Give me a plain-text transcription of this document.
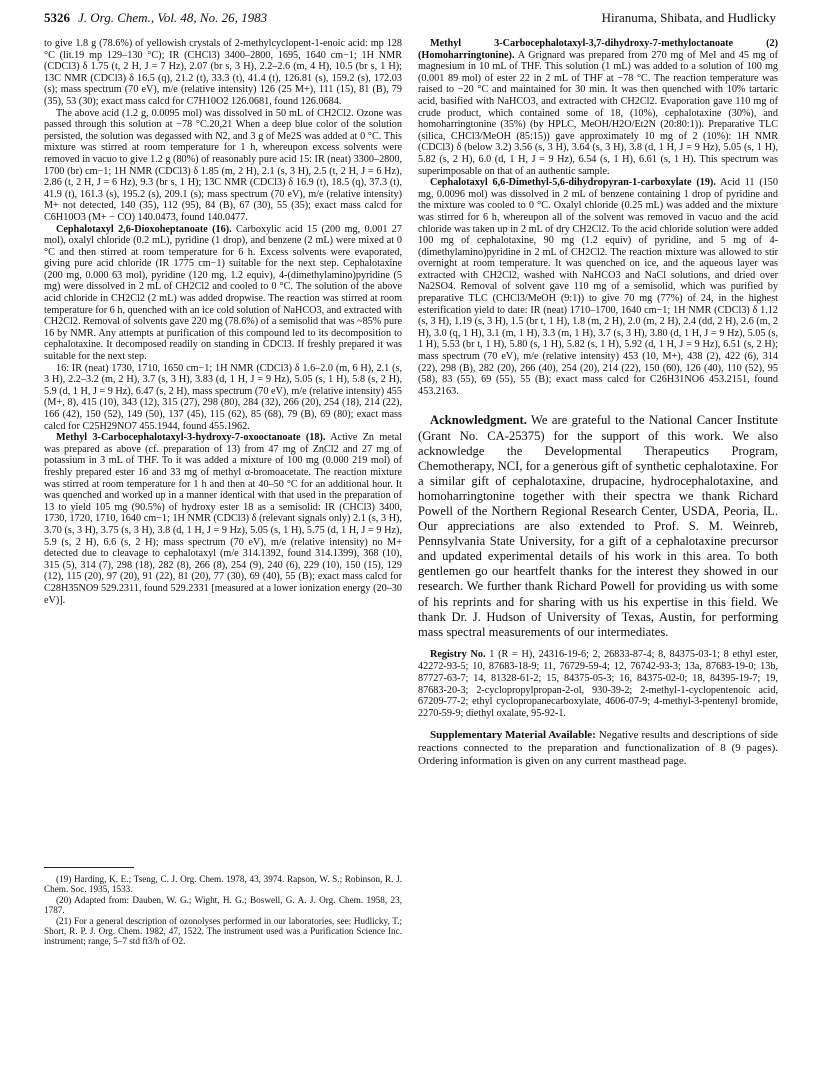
5326 J. Org. Chem., Vol. 48, No. 26, 1983	Hiranuma, Shibata, and Hudlicky

to give 1.8 g (78.6%) of yellowish crystals of 2-methylcyclopent-1-enoic acid: mp 128 °C (lit.19 mp 129–130 °C); IR (CHCl3) 3400–2800, 1695, 1640 cm−1; 1H NMR (CDCl3) δ 1.75 (t, 2 H, J = 7 Hz), 2.07 (br s, 3 H), 2.2–2.6 (m, 4 H), 10.5 (br s, 1 H); 13C NMR (CDCl3) δ 16.5 (q), 21.2 (t), 33.3 (t), 41.4 (t), 126.81 (s), 159.2 (s), 172.03 (s); mass spectrum (70 eV), m/e (relative intensity) 126 (25 M+), 111 (15), 81 (B), 79 (35), 53 (30); exact mass calcd for C7H10O2 126.0681, found 126.0684.

The above acid (1.2 g, 0.0095 mol) was dissolved in 50 mL of CH2Cl2. Ozone was passed through this solution at −78 °C.20,21 When a deep blue color of the solution persisted, the solution was degassed with N2, and 3 g of Me2S was added at 0 °C. This mixture was stirred at room temperature for 1 h, whereupon excess solvents were removed in vacuo to give 1.2 g (80%) of reasonably pure acid 15: IR (neat) 3300–2800, 1700 (br) cm−1; 1H NMR (CDCl3) δ 1.85 (m, 2 H), 2.1 (s, 3 H), 2.5 (t, 2 H, J = 6 Hz), 2.86 (t, 2 H, J = 6 Hz), 9.3 (br s, 1 H); 13C NMR (CDCl3) δ 16.9 (t), 18.5 (q), 37.3 (t), 41.9 (t), 161.3 (s), 195.2 (s), 209.1 (s); mass spectrum (70 eV), m/e (relative intensity) M+ not detected, 140 (35), 112 (95), 84 (B), 67 (30), 55 (35); exact mass calcd for C6H10O3 (M+ − CO) 140.0473, found 140.0477.

Cephalotaxyl 2,6-Dioxoheptanoate (16). Carboxylic acid 15 (200 mg, 0.001 27 mol), oxalyl chloride (0.2 mL), pyridine (1 drop), and benzene (2 mL) were mixed at 0 °C and then stirred at room temperature for 6 h. Excess solvents were evaporated, giving pure acid chloride (IR 1775 cm−1) suitable for the next step. Cephalotaxine (200 mg, 0.000 63 mol), pyridine (120 mg, 1.2 equiv), 4-(dimethylamino)pyridine (5 mg) were dissolved in 2 mL of CH2Cl2 and cooled to 0 °C. The solution of the above acid chloride in CH2Cl2 (2 mL) was added dropwise. The reaction was stirred at room temperature for 6 h, quenched with an ice cold solution of NaHCO3, and extracted with CH2Cl2. Removal of solvents gave 220 mg (78.6%) of a semisolid that was ~85% pure 16 by NMR. Any attempts at purification of this compound led to its decomposition to cephalotaxine. It decomposed readily on standing in CDCl3. If freshly prepared it was suitable for the next step.

16: IR (neat) 1730, 1710, 1650 cm−1; 1H NMR (CDCl3) δ 1.6–2.0 (m, 6 H), 2.1 (s, 3 H), 2.2–3.2 (m, 2 H), 3.7 (s, 3 H), 3.83 (d, 1 H, J = 9 Hz), 5.05 (s, 1 H), 5.8 (s, 2 H), 5.9 (d, 1 H, J = 9 Hz), 6.47 (s, 2 H), mass spectrum (70 eV), m/e (relative intensity) 455 (M+, 8), 415 (10), 343 (12), 315 (27), 298 (80), 284 (32), 266 (20), 254 (18), 214 (22), 166 (42), 150 (52), 149 (50), 137 (45), 115 (62), 85 (68), 79 (B), 69 (80); exact mass calcd for C25H29NO7 455.1944, found 455.1962.

Methyl 3-Carbocephalotaxyl-3-hydroxy-7-oxooctanoate (18). Active Zn metal was prepared as above (cf. preparation of 13) from 47 mg of ZnCl2 and 27 mg of potassium in 3 mL of THF. To it was added a mixture of 100 mg (0.000 219 mol) of freshly prepared ester 16 and 33 mg of methyl α-bromoacetate. The reaction mixture was stirred at room temperature for 1 h and then at 40–50 °C for an additional hour. It was quenched and worked up in a manner identical with that used in the preparation of 13 to yield 105 mg (90.5%) of hydroxy ester 18 as a semisolid: IR (CHCl3) 3400, 1730, 1720, 1710, 1640 cm−1; 1H NMR (CDCl3) δ (relevant signals only) 2.1 (s, 3 H), 3.70 (s, 3 H), 3.75 (s, 3 H), 3.8 (d, 1 H, J = 9 Hz), 5.05 (s, 1 H), 5.75 (d, 1 H, J = 9 Hz), 5.9 (s, 2 H), 6.6 (s, 2 H); mass spectrum (70 eV), m/e (relative intensity) no M+ detected due to cleavage to cephalotaxyl (m/e 314.1392, found 314.1399), 368 (10), 315 (5), 314 (7), 298 (18), 282 (8), 266 (8), 254 (9), 240 (6), 229 (10), 150 (15), 129 (12), 115 (20), 97 (20), 91 (22), 81 (20), 77 (30), 69 (40), 55 (B); exact mass calcd for C28H35NO9 529.2311, found 529.2331 [measured at a lower ionization energy (20–30 eV)].

(19) Harding, K. E.; Tseng, C. J. Org. Chem. 1978, 43, 3974. Rapson, W. S.; Robinson, R. J. Chem. Soc. 1935, 1533.

(20) Adapted from: Dauben, W. G.; Wight, H. G.; Boswell, G. A. J. Org. Chem. 1958, 23, 1787.

(21) For a general description of ozonolyses performed in our laboratories, see: Hudlicky, T.; Short, R. P. J. Org. Chem. 1982, 47, 1522. The instrument used was a Purification Science Inc. instrument; range, 5–7 std ft3/h of O2.

Methyl 3-Carbocephalotaxyl-3,7-dihydroxy-7-methyloctanoate (2) (Homoharringtonine). A Grignard was prepared from 270 mg of MeI and 45 mg of magnesium in 10 mL of THF. This solution (1 mL) was added to a solution of 100 mg (0.001 89 mol) of ester 22 in 2 mL of THF at −78 °C. The reaction temperature was raised to −20 °C and maintained for 30 min. It was then quenched with 10% tartaric acid, basified with NaHCO3, and extracted with CH2Cl2. Evaporation gave 110 mg of crude product, which contained some of 18, (10%), cephalotaxine (30%), and homoharringtonine (35%) (by HPLC, MeOH/H2O/Et2N (20:80:1)). Preparative TLC (silica, CHCl3/MeOH (85:15)) gave approximately 10 mg of 2 (10%): 1H NMR (CDCl3) δ (below 3.2) 3.56 (s, 3 H), 3.64 (s, 3 H), 3.8 (d, 1 H, J = 9 Hz), 5.05 (s, 1 H), 5.82 (s, 2 H), 6.0 (d, 1 H, J = 9 Hz), 6.54 (s, 1 H), 6.61 (s, 1 H). This spectrum was superimposable on that of an authentic sample.

Cephalotaxyl 6,6-Dimethyl-5,6-dihydropyran-1-carboxylate (19). Acid 11 (150 mg, 0.0096 mol) was dissolved in 2 mL of benzene containing 1 drop of pyridine and the mixture was cooled to 0 °C. Oxalyl chloride (0.25 mL) was added and the mixture was stirred for 6 h, whereupon all of the solvent was removed in vacuo and the acid chloride was taken up in 2 mL of dry CH2Cl2. To the acid chloride solution were added 100 mg of cephalotaxine, 90 mg (1.2 equiv) of pyridine, and 5 mg of 4-(dimethylamino)pyridine in 2 mL of CH2Cl2. The reaction mixture was allowed to stir overnight at room temperature. It was quenched on ice, and the aqueous layer was extracted with CH2Cl2, washed with NaHCO3 and NaCl solutions, and dried over Na2SO4. Removal of solvent gave 110 mg of a semisolid, which was purified by preparative TLC (CHCl3/MeOH (9:1)) to give 70 mg (77%) of 24, in the highest esterification yield to date: IR (neat) 1710–1700, 1640 cm−1; 1H NMR (CDCl3) δ 1.12 (s, 3 H), 1.19 (s, 3 H), 1.5 (br t, 1 H), 1.8 (m, 2 H), 2.0 (m, 2 H), 2.4 (dd, 2 H), 2.6 (m, 2 H), 3.0 (q, 1 H), 3.1 (m, 1 H), 3.3 (m, 1 H), 3.7 (s, 3 H), 3.80 (d, 1 H, J = 9 Hz), 5.05 (s, 1 H), 5.53 (br t, 1 H), 5.80 (s, 1 H), 5.82 (s, 1 H), 5.92 (d, 1 H, J = 9 Hz), 6.51 (s, 2 H); mass spectrum (70 eV), m/e (relative intensity) 453 (10, M+), 438 (2), 422 (6), 314 (22), 298 (B), 282 (20), 266 (40), 254 (20), 214 (22), 150 (60), 126 (40), 110 (52), 95 (58), 83 (55), 69 (55), 55 (B); exact mass calcd for C26H31NO6 453.2151, found 453.2163.

Acknowledgment. We are grateful to the National Cancer Institute (Grant No. CA-25375) for the support of this work. We also acknowledge the Developmental Therapeutics Program, Chemotherapy, NCI, for a generous gift of synthetic cephalotaxine. For a similar gift of cephalotaxine, drupacine, hydrocephalotaxine, and homoharringtonine together with their spectra we thank Richard Powell of the Northern Regional Research Center, USDA, Peoria, IL. Our appreciations are also extended to Prof. S. M. Weinreb, Pennsylvania State University, for a gift of a cephalotaxine precursor and updated experimental details of his work in this area. To both gentlemen go our heartfelt thanks for the interest they showed in our research. We further thank Richard Powell for providing us with some of his reprints and for sharing with us his expertise in this field. We thank Dr. J. Hudson of University of Texas, Austin, for performing mass spectral measurements of our intermediates.

Registry No. 1 (R = H), 24316-19-6; 2, 26833-87-4; 8, 84375-03-1; 8 ethyl ester, 42272-93-5; 10, 87683-18-9; 11, 76729-59-4; 12, 76742-93-3; 13a, 87683-19-0; 13b, 87727-63-7; 14, 81328-61-2; 15, 84375-05-3; 16, 84375-02-0; 18, 84395-19-7; 19, 87683-20-3; 2-cyclopropylpropan-2-ol, 930-39-2; 2-methyl-1-cyclopentenoic acid, 67209-77-2; ethyl cyclopropanecarboxylate, 4606-07-9; 4-methyl-3-pentenyl bromide, 2270-59-9; diethyl oxalate, 95-92-1.

Supplementary Material Available: Negative results and descriptions of side reactions connected to the preparation and functionalization of 8 (9 pages). Ordering information is given on any current masthead page.
